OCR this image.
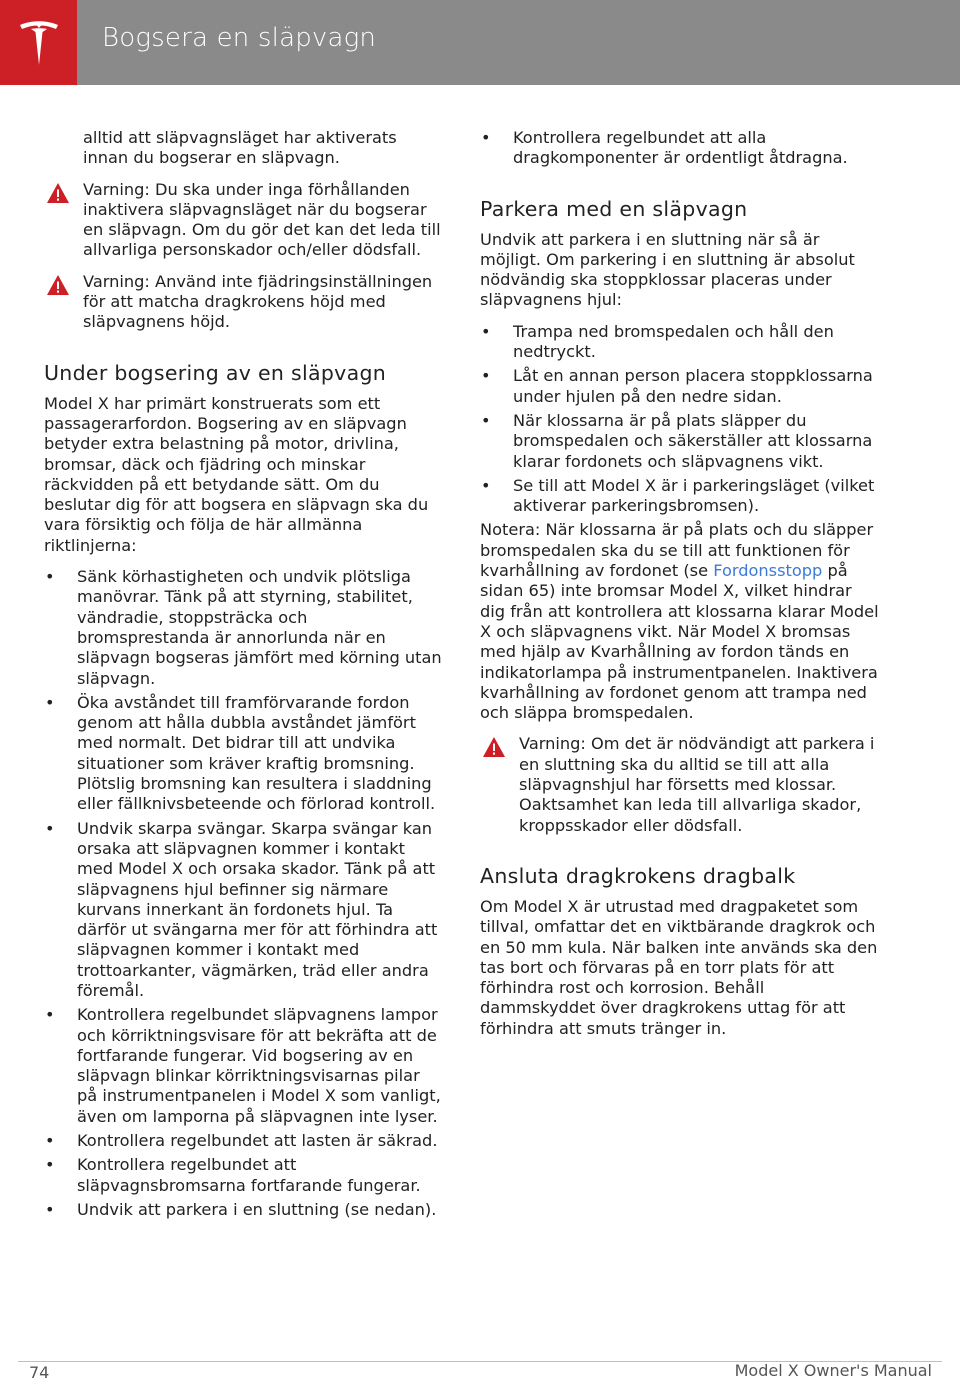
Bogsera en släpvagn

alltid att släpvagnsläget har aktiverats innan du bogserar en släpvagn.

Varning: Du ska under inga förhållanden inaktivera släpvagnsläget när du bogserar en släpvagn. Om du gör det kan det leda till allvarliga personskador och/eller dödsfall.
Varning: Använd inte fjädringsinställningen för att matcha dragkrokens höjd med släpvagnens höjd.
Under bogsering av en släpvagn

Model X har primärt konstruerats som ett passagerarfordon. Bogsering av en släpvagn betyder extra belastning på motor, drivlina, bromsar, däck och fjädring och minskar räckvidden på ett betydande sätt. Om du beslutar dig för att bogsera en släpvagn ska du vara försiktig och följa de här allmänna riktlinjerna:

• Sänk körhastigheten och undvik plötsliga manövrar. Tänk på att styrning, stabilitet, vändradie, stoppsträcka och bromsprestanda är annorlunda när en släpvagn bogseras jämfört med körning utan släpvagn.
• Öka avståndet till framförvarande fordon genom att hålla dubbla avståndet jämfört med normalt. Det bidrar till att undvika situationer som kräver kraftig bromsning. Plötslig bromsning kan resultera i sladdning eller fällknivsbeteende och förlorad kontroll.
• Undvik skarpa svängar. Skarpa svängar kan orsaka att släpvagnen kommer i kontakt med Model X och orsaka skador. Tänk på att släpvagnens hjul befinner sig närmare kurvans innerkant än fordonets hjul. Ta därför ut svängarna mer för att förhindra att släpvagnen kommer i kontakt med trottoarkanter, vägmärken, träd eller andra föremål.
• Kontrollera regelbundet släpvagnens lampor och körriktningsvisare för att bekräfta att de fortfarande fungerar. Vid bogsering av en släpvagn blinkar körriktningsvisarnas pilar på instrumentpanelen i Model X som vanligt, även om lamporna på släpvagnen inte lyser.
• Kontrollera regelbundet att lasten är säkrad.
• Kontrollera regelbundet att släpvagnsbromsarna fortfarande fungerar.
• Undvik att parkera i en sluttning (se nedan).
• Kontrollera regelbundet att alla dragkomponenter är ordentligt åtdragna.
Parkera med en släpvagn

Undvik att parkera i en sluttning när så är möjligt. Om parkering i en sluttning är absolut nödvändig ska stoppklossar placeras under släpvagnens hjul:

• Trampa ned bromspedalen och håll den nedtryckt.
• Låt en annan person placera stoppklossarna under hjulen på den nedre sidan.
• När klossarna är på plats släpper du bromspedalen och säkerställer att klossarna klarar fordonets och släpvagnens vikt.
• Se till att Model X är i parkeringsläget (vilket aktiverar parkeringsbromsen).

Notera: När klossarna är på plats och du släpper bromspedalen ska du se till att funktionen för kvarhållning av fordonet (se Fordonsstopp på sidan 65) inte bromsar Model X, vilket hindrar dig från att kontrollera att klossarna klarar Model X och släpvagnens vikt. När Model X bromsas med hjälp av Kvarhållning av fordon tänds en indikatorlampa på instrumentpanelen. Inaktivera kvarhållning av fordonet genom att trampa ned och släppa bromspedalen.

Varning: Om det är nödvändigt att parkera i en sluttning ska du alltid se till att alla släpvagnshjul har försetts med klossar. Oaktsamhet kan leda till allvarliga skador, kroppsskador eller dödsfall.
Ansluta dragkrokens dragbalk

Om Model X är utrustad med dragpaketet som tillval, omfattar det en viktbärande dragkrok och en 50 mm kula. När balken inte används ska den tas bort och förvaras på en torr plats för att förhindra rost och korrosion. Behåll dammskyddet över dragkrokens uttag för att förhindra att smuts tränger in.

74	Model X Owner's Manual
